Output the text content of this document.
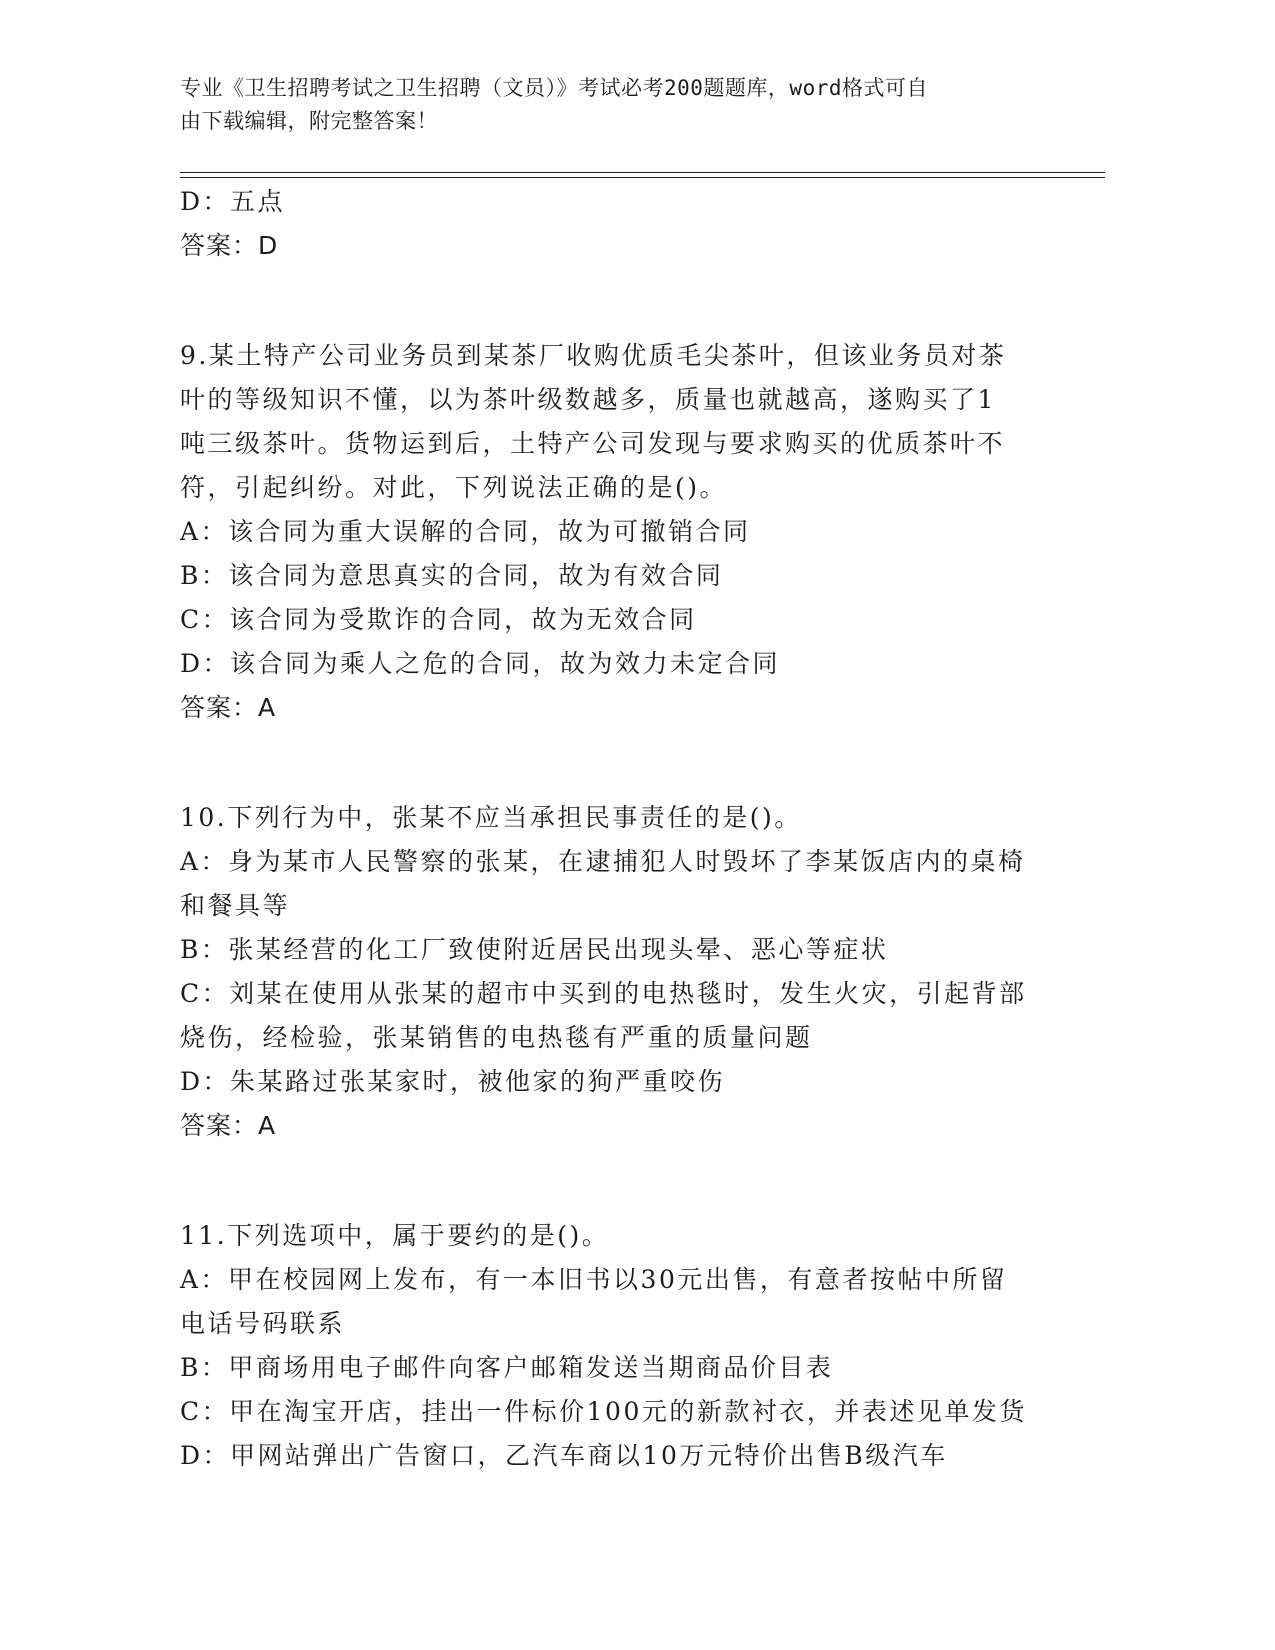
专业《卫生招聘考试之卫生招聘（文员）》考试必考200题题库，word格式可自
由下载编辑，附完整答案！
D：五点
答案：D
9.某土特产公司业务员到某茶厂收购优质毛尖茶叶，但该业务员对茶
叶的等级知识不懂，以为茶叶级数越多，质量也就越高，遂购买了1
吨三级茶叶。货物运到后，土特产公司发现与要求购买的优质茶叶不
符，引起纠纷。对此，下列说法正确的是()。
A：该合同为重大误解的合同，故为可撤销合同
B：该合同为意思真实的合同，故为有效合同
C：该合同为受欺诈的合同，故为无效合同
D：该合同为乘人之危的合同，故为效力未定合同
答案：A
10.下列行为中，张某不应当承担民事责任的是()。
A：身为某市人民警察的张某，在逮捕犯人时毁坏了李某饭店内的桌椅
和餐具等
B：张某经营的化工厂致使附近居民出现头晕、恶心等症状
C：刘某在使用从张某的超市中买到的电热毯时，发生火灾，引起背部
烧伤，经检验，张某销售的电热毯有严重的质量问题
D：朱某路过张某家时，被他家的狗严重咬伤
答案：A
11.下列选项中，属于要约的是()。
A：甲在校园网上发布，有一本旧书以30元出售，有意者按帖中所留
电话号码联系
B：甲商场用电子邮件向客户邮箱发送当期商品价目表
C：甲在淘宝开店，挂出一件标价100元的新款衬衣，并表述见单发货
D：甲网站弹出广告窗口，乙汽车商以10万元特价出售B级汽车
